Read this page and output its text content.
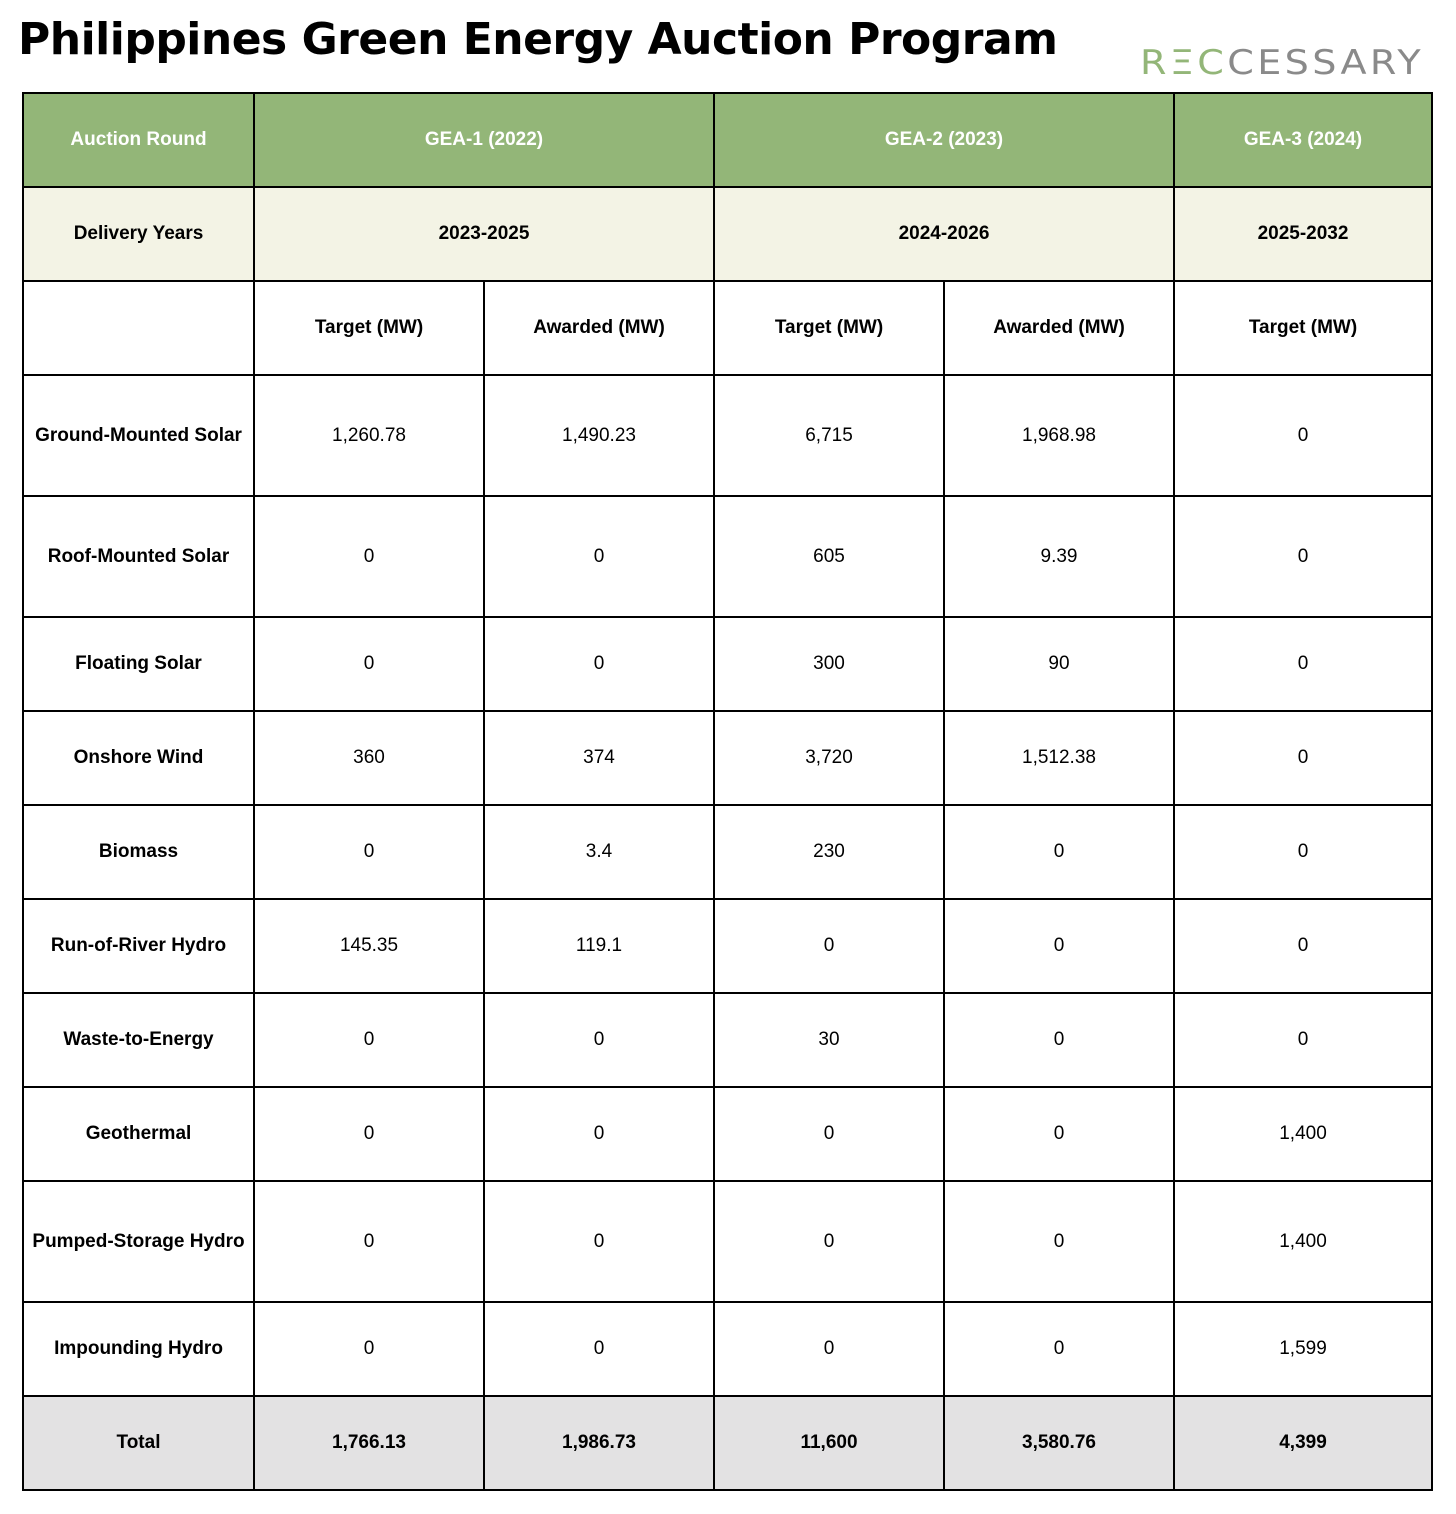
Philippines Green Energy Auction Program RΞC CESSARY
Auction Round	GEA-1 (2022)		GEA-2 (2023)		GEA-3 (2024)
Delivery Years	2023-2025		2024-2026		2025-2032
	Target (MW)	Awarded (MW)	Target (MW)	Awarded (MW)	Target (MW)
Ground-Mounted Solar	1,260.78	1,490.23	6,715	1,968.98	0
Roof-Mounted Solar	0	0	605	9.39	0
Floating Solar	0	0	300	90	0
Onshore Wind	360	374	3,720	1,512.38	0
Biomass	0	3.4	230	0	0
Run-of-River Hydro	145.35	119.1	0	0	0
Waste-to-Energy	0	0	30	0	0
Geothermal	0	0	0	0	1,400
Pumped-Storage Hydro	0	0	0	0	1,400
Impounding Hydro	0	0	0	0	1,599
Total	1,766.13	1,986.73	11,600	3,580.76	4,399
